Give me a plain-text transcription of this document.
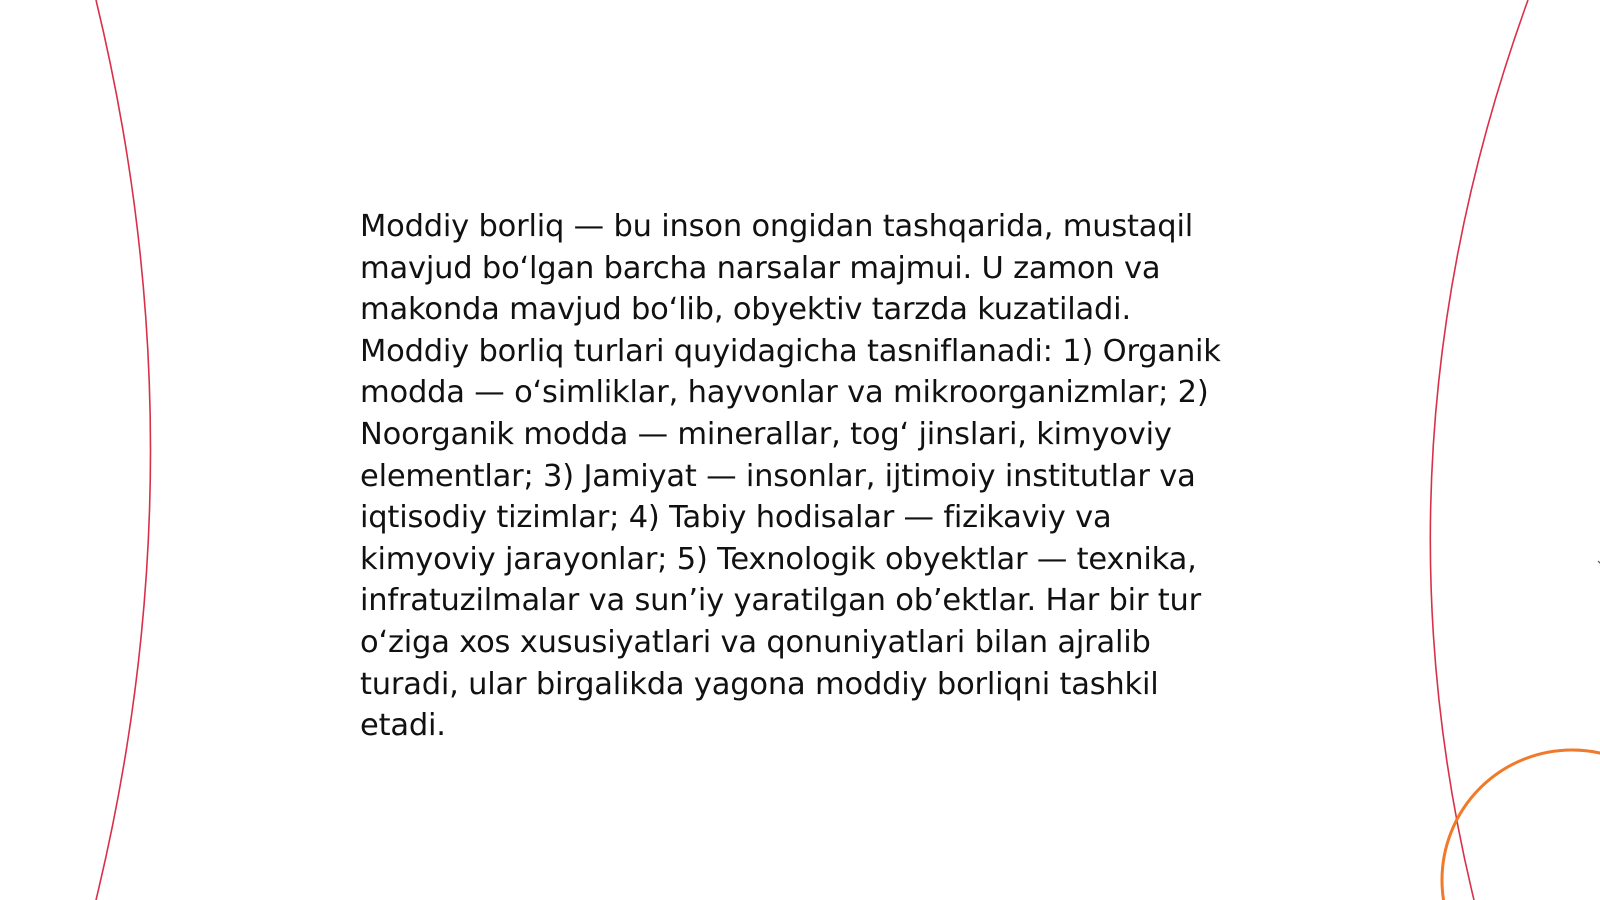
Moddiy borliq — bu inson ongidan tashqarida, mustaqil mavjud bo‘lgan barcha narsalar majmui. U zamon va makonda mavjud bo‘lib, obyektiv tarzda kuzatiladi. Moddiy borliq turlari quyidagicha tasniflanadi: 1) Organik modda — o‘simliklar, hayvonlar va mikroorganizmlar; 2) Noorganik modda — minerallar, tog‘ jinslari, kimyoviy elementlar; 3) Jamiyat — insonlar, ijtimoiy institutlar va iqtisodiy tizimlar; 4) Tabiy hodisalar — fizikaviy va kimyoviy jarayonlar; 5) Texnologik obyektlar — texnika, infratuzilmalar va sun’iy yaratilgan ob’ektlar. Har bir tur o‘ziga xos xususiyatlari va qonuniyatlari bilan ajralib turadi, ular birgalikda yagona moddiy borliqni tashkil etadi.
